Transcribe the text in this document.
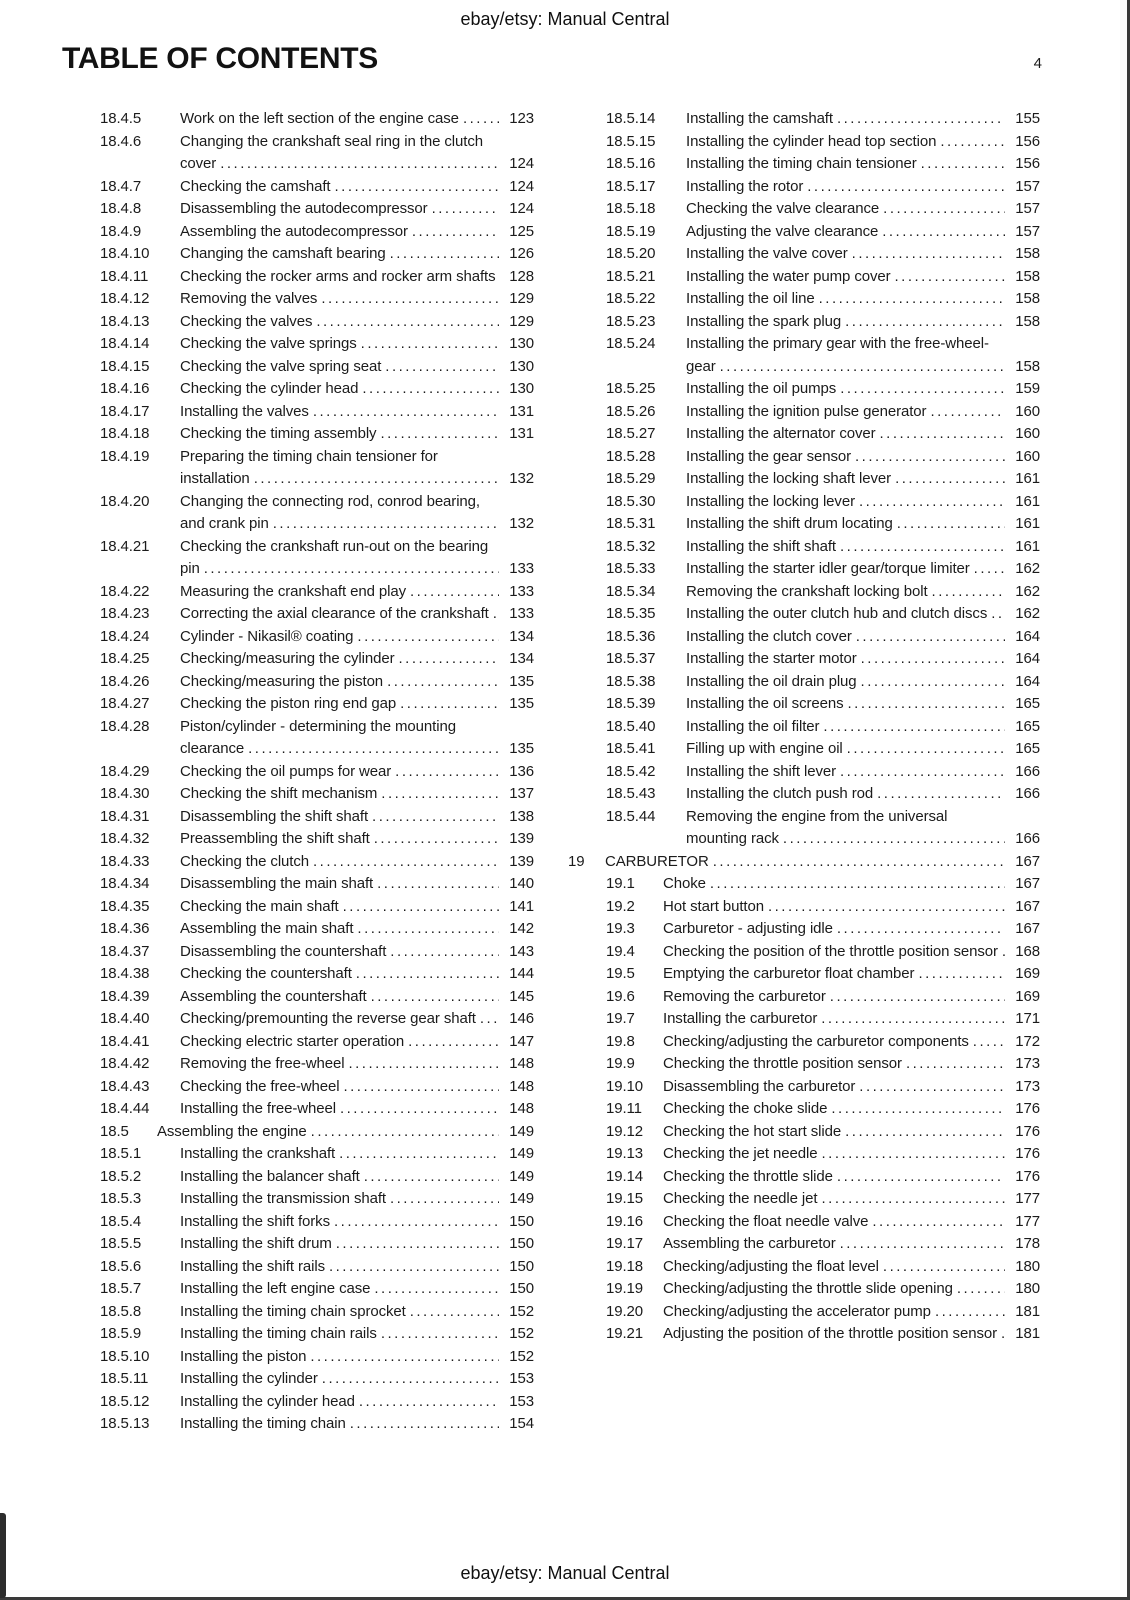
ebay/etsy: Manual Central
TABLE OF CONTENTS	4
18.4.5	Work on the left section of the engine case	123
18.4.6	Changing the crankshaft seal ring in the clutch cover	124
18.4.7	Checking the camshaft	124
18.4.8	Disassembling the autodecompressor	124
18.4.9	Assembling the autodecompressor	125
18.4.10	Changing the camshaft bearing	126
18.4.11	Checking the rocker arms and rocker arm shafts 128
18.4.12	Removing the valves	129
18.4.13	Checking the valves	129
18.4.14	Checking the valve springs	130
18.4.15	Checking the valve spring seat	130
18.4.16	Checking the cylinder head	130
18.4.17	Installing the valves	131
18.4.18	Checking the timing assembly	131
18.4.19	Preparing the timing chain tensioner for installation	132
18.4.20	Changing the connecting rod, conrod bearing, and crank pin	132
18.4.21	Checking the crankshaft run-out on the bearing pin	133
18.4.22	Measuring the crankshaft end play	133
18.4.23	Correcting the axial clearance of the crankshaft	133
18.4.24	Cylinder - Nikasil® coating	134
18.4.25	Checking/measuring the cylinder	134
18.4.26	Checking/measuring the piston	135
18.4.27	Checking the piston ring end gap	135
18.4.28	Piston/cylinder - determining the mounting clearance	135
18.4.29	Checking the oil pumps for wear	136
18.4.30	Checking the shift mechanism	137
18.4.31	Disassembling the shift shaft	138
18.4.32	Preassembling the shift shaft	139
18.4.33	Checking the clutch	139
18.4.34	Disassembling the main shaft	140
18.4.35	Checking the main shaft	141
18.4.36	Assembling the main shaft	142
18.4.37	Disassembling the countershaft	143
18.4.38	Checking the countershaft	144
18.4.39	Assembling the countershaft	145
18.4.40	Checking/premounting the reverse gear shaft	146
18.4.41	Checking electric starter operation	147
18.4.42	Removing the free-wheel	148
18.4.43	Checking the free-wheel	148
18.4.44	Installing the free-wheel	148
18.5	Assembling the engine	149
18.5.1	Installing the crankshaft	149
18.5.2	Installing the balancer shaft	149
18.5.3	Installing the transmission shaft	149
18.5.4	Installing the shift forks	150
18.5.5	Installing the shift drum	150
18.5.6	Installing the shift rails	150
18.5.7	Installing the left engine case	150
18.5.8	Installing the timing chain sprocket	152
18.5.9	Installing the timing chain rails	152
18.5.10	Installing the piston	152
18.5.11	Installing the cylinder	153
18.5.12	Installing the cylinder head	153
18.5.13	Installing the timing chain	154
18.5.14	Installing the camshaft	155
18.5.15	Installing the cylinder head top section	156
18.5.16	Installing the timing chain tensioner	156
18.5.17	Installing the rotor	157
18.5.18	Checking the valve clearance	157
18.5.19	Adjusting the valve clearance	157
18.5.20	Installing the valve cover	158
18.5.21	Installing the water pump cover	158
18.5.22	Installing the oil line	158
18.5.23	Installing the spark plug	158
18.5.24	Installing the primary gear with the free-wheel-gear	158
18.5.25	Installing the oil pumps	159
18.5.26	Installing the ignition pulse generator	160
18.5.27	Installing the alternator cover	160
18.5.28	Installing the gear sensor	160
18.5.29	Installing the locking shaft lever	161
18.5.30	Installing the locking lever	161
18.5.31	Installing the shift drum locating	161
18.5.32	Installing the shift shaft	161
18.5.33	Installing the starter idler gear/torque limiter	162
18.5.34	Removing the crankshaft locking bolt	162
18.5.35	Installing the outer clutch hub and clutch discs	162
18.5.36	Installing the clutch cover	164
18.5.37	Installing the starter motor	164
18.5.38	Installing the oil drain plug	164
18.5.39	Installing the oil screens	165
18.5.40	Installing the oil filter	165
18.5.41	Filling up with engine oil	165
18.5.42	Installing the shift lever	166
18.5.43	Installing the clutch push rod	166
18.5.44	Removing the engine from the universal mounting rack	166
19	CARBURETOR	167
19.1	Choke	167
19.2	Hot start button	167
19.3	Carburetor - adjusting idle	167
19.4	Checking the position of the throttle position sensor	168
19.5	Emptying the carburetor float chamber	169
19.6	Removing the carburetor	169
19.7	Installing the carburetor	171
19.8	Checking/adjusting the carburetor components	172
19.9	Checking the throttle position sensor	173
19.10	Disassembling the carburetor	173
19.11	Checking the choke slide	176
19.12	Checking the hot start slide	176
19.13	Checking the jet needle	176
19.14	Checking the throttle slide	176
19.15	Checking the needle jet	177
19.16	Checking the float needle valve	177
19.17	Assembling the carburetor	178
19.18	Checking/adjusting the float level	180
19.19	Checking/adjusting the throttle slide opening	180
19.20	Checking/adjusting the accelerator pump	181
19.21	Adjusting the position of the throttle position sensor	181
ebay/etsy: Manual Central
